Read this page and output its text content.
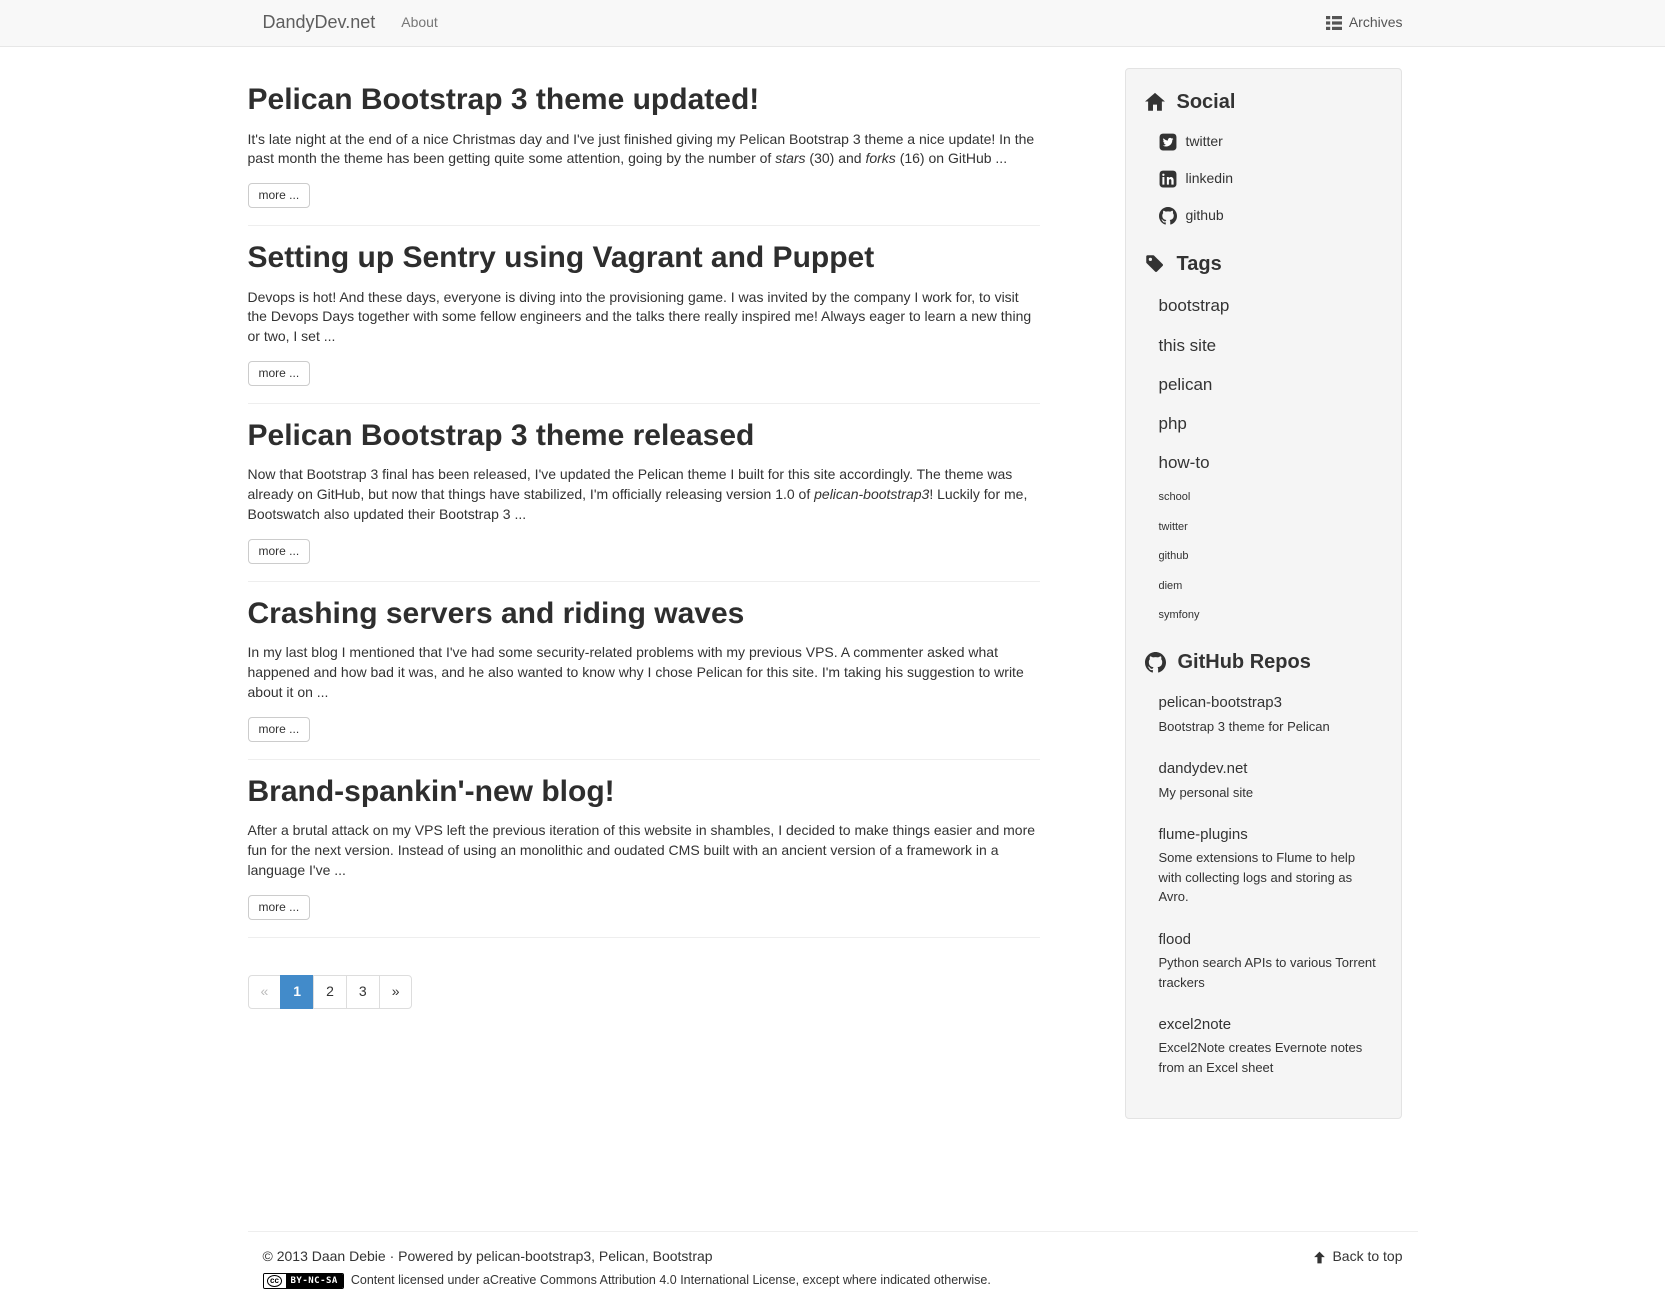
DandyDev.net About	Archives
Pelican Bootstrap 3 theme updated!

It's late night at the end of a nice Christmas day and I've just finished giving my Pelican Bootstrap 3 theme a nice update! In the past month the theme has been getting quite some attention, going by the number of stars (30) and forks (16) on GitHub ...

more ...
Setting up Sentry using Vagrant and Puppet

Devops is hot! And these days, everyone is diving into the provisioning game. I was invited by the company I work for, to visit the Devops Days together with some fellow engineers and the talks there really inspired me! Always eager to learn a new thing or two, I set ...

more ...
Pelican Bootstrap 3 theme released

Now that Bootstrap 3 final has been released, I've updated the Pelican theme I built for this site accordingly. The theme was already on GitHub, but now that things have stabilized, I'm officially releasing version 1.0 of pelican-bootstrap3! Luckily for me, Bootswatch also updated their Bootstrap 3 ...

more ...
Crashing servers and riding waves

In my last blog I mentioned that I've had some security-related problems with my previous VPS. A commenter asked what happened and how bad it was, and he also wanted to know why I chose Pelican for this site. I'm taking his suggestion to write about it on ...

more ...
Brand-spankin'-new blog!

After a brutal attack on my VPS left the previous iteration of this website in shambles, I decided to make things easier and more fun for the next version. Instead of using an monolithic and oudated CMS built with an ancient version of a framework in a language I've ...

more ...
«	1	2	3	»
Social
twitter
linkedin
github
Tags
bootstrap
this site
pelican
php
how-to
school
twitter
github
diem
symfony
GitHub Repos
pelican-bootstrap3
Bootstrap 3 theme for Pelican
dandydev.net
My personal site
flume-plugins
Some extensions to Flume to help with collecting logs and storing as Avro.
flood
Python search APIs to various Torrent trackers
excel2note
Excel2Note creates Evernote notes from an Excel sheet
Back to top
© 2013 Daan Debie · Powered by pelican-bootstrap3, Pelican, Bootstrap
cc	BY-NC-SA	Content licensed under a Creative Commons Attribution 4.0 International License , except where indicated otherwise.
